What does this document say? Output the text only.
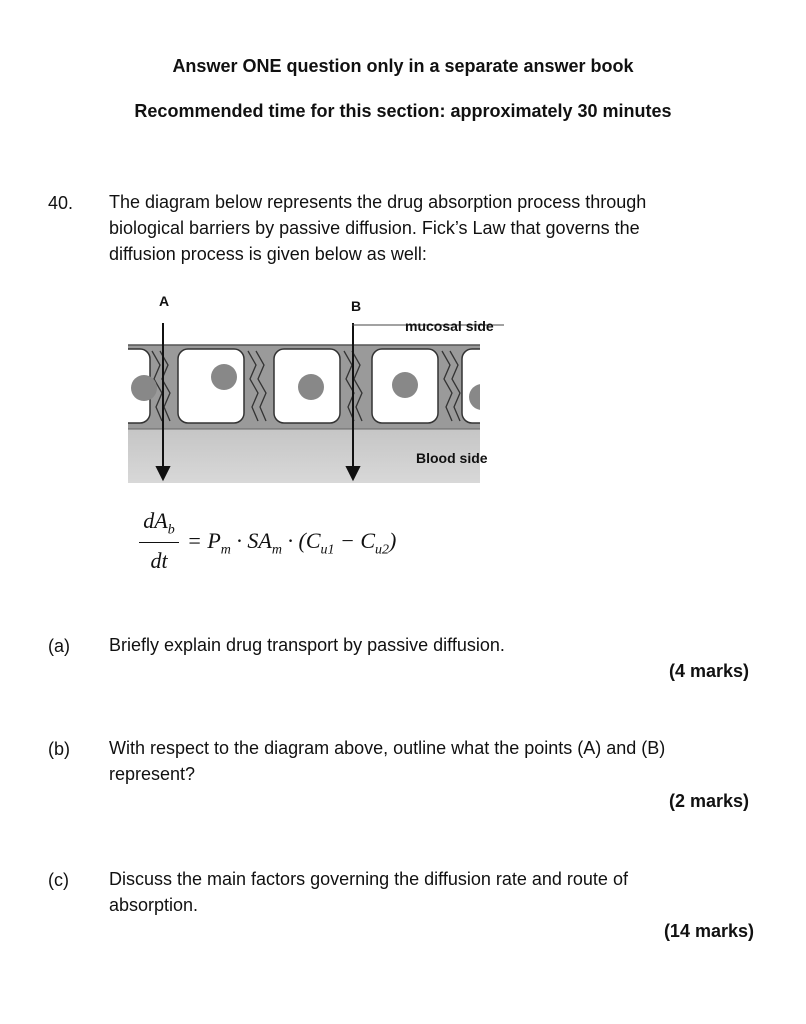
Answer ONE question only in a separate answer book
Recommended time for this section: approximately 30 minutes
40. The diagram below represents the drug absorption process through
biological barriers by passive diffusion. Fick’s Law that governs the
diffusion process is given below as well:
A	B
mucosal side
Blood side
$dA_b$
dt
= $P_m \cdot SA_m \cdot (C_{u1} - C_{u2})$
(a) Briefly explain drug transport by passive diffusion.
(4 marks)
(b) With respect to the diagram above, outline what the points (A) and (B)
represent?
(2 marks)
(c) Discuss the main factors governing the diffusion rate and route of
absorption.
(14 marks)
